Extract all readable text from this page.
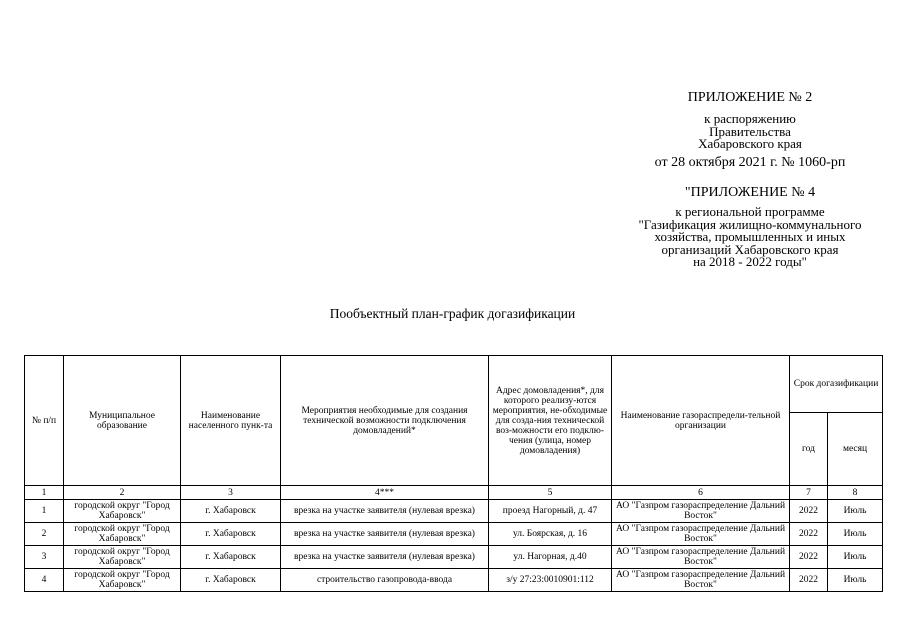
ПРИЛОЖЕНИЕ № 2
к распоряжению
Правительства
Хабаровского края
от 28 октября 2021 г. № 1060-рп
"ПРИЛОЖЕНИЕ № 4
к региональной программе
"Газификация жилищно-коммунального
хозяйства, промышленных и иных
организаций Хабаровского края
на 2018 - 2022 годы"
Пообъектный план-график догазификации
№ п/п	Муниципальное образование	Наименование населенного пунк-та	Мероприятия необходимые для создания технической возможности подключения домовладений*	Адрес домовладения*, для которого реализу-ются мероприятия, не-обходимые для созда-ния технической воз-можности его подклю-чения (улица, номер домовладения)	Наименование газораспредели-тельной организации	Срок догазификации	
						год	месяц
1	2	3	4***	5	6	7	8
1	городской округ "Город Хабаровск"	г. Хабаровск	врезка на участке заявителя (нулевая врезка)	проезд Нагорный, д. 47	АО "Газпром газораспределение Дальний Восток"	2022	Июль
2	городской округ "Город Хабаровск"	г. Хабаровск	врезка на участке заявителя (нулевая врезка)	ул. Боярская, д. 16	АО "Газпром газораспределение Дальний Восток"	2022	Июль
3	городской округ "Город Хабаровск"	г. Хабаровск	врезка на участке заявителя (нулевая врезка)	ул. Нагорная, д.40	АО "Газпром газораспределение Дальний Восток"	2022	Июль
4	городской округ "Город Хабаровск"	г. Хабаровск	строительство газопровода-ввода	з/у 27:23:0010901:112	АО "Газпром газораспределение Дальний Восток"	2022	Июль
